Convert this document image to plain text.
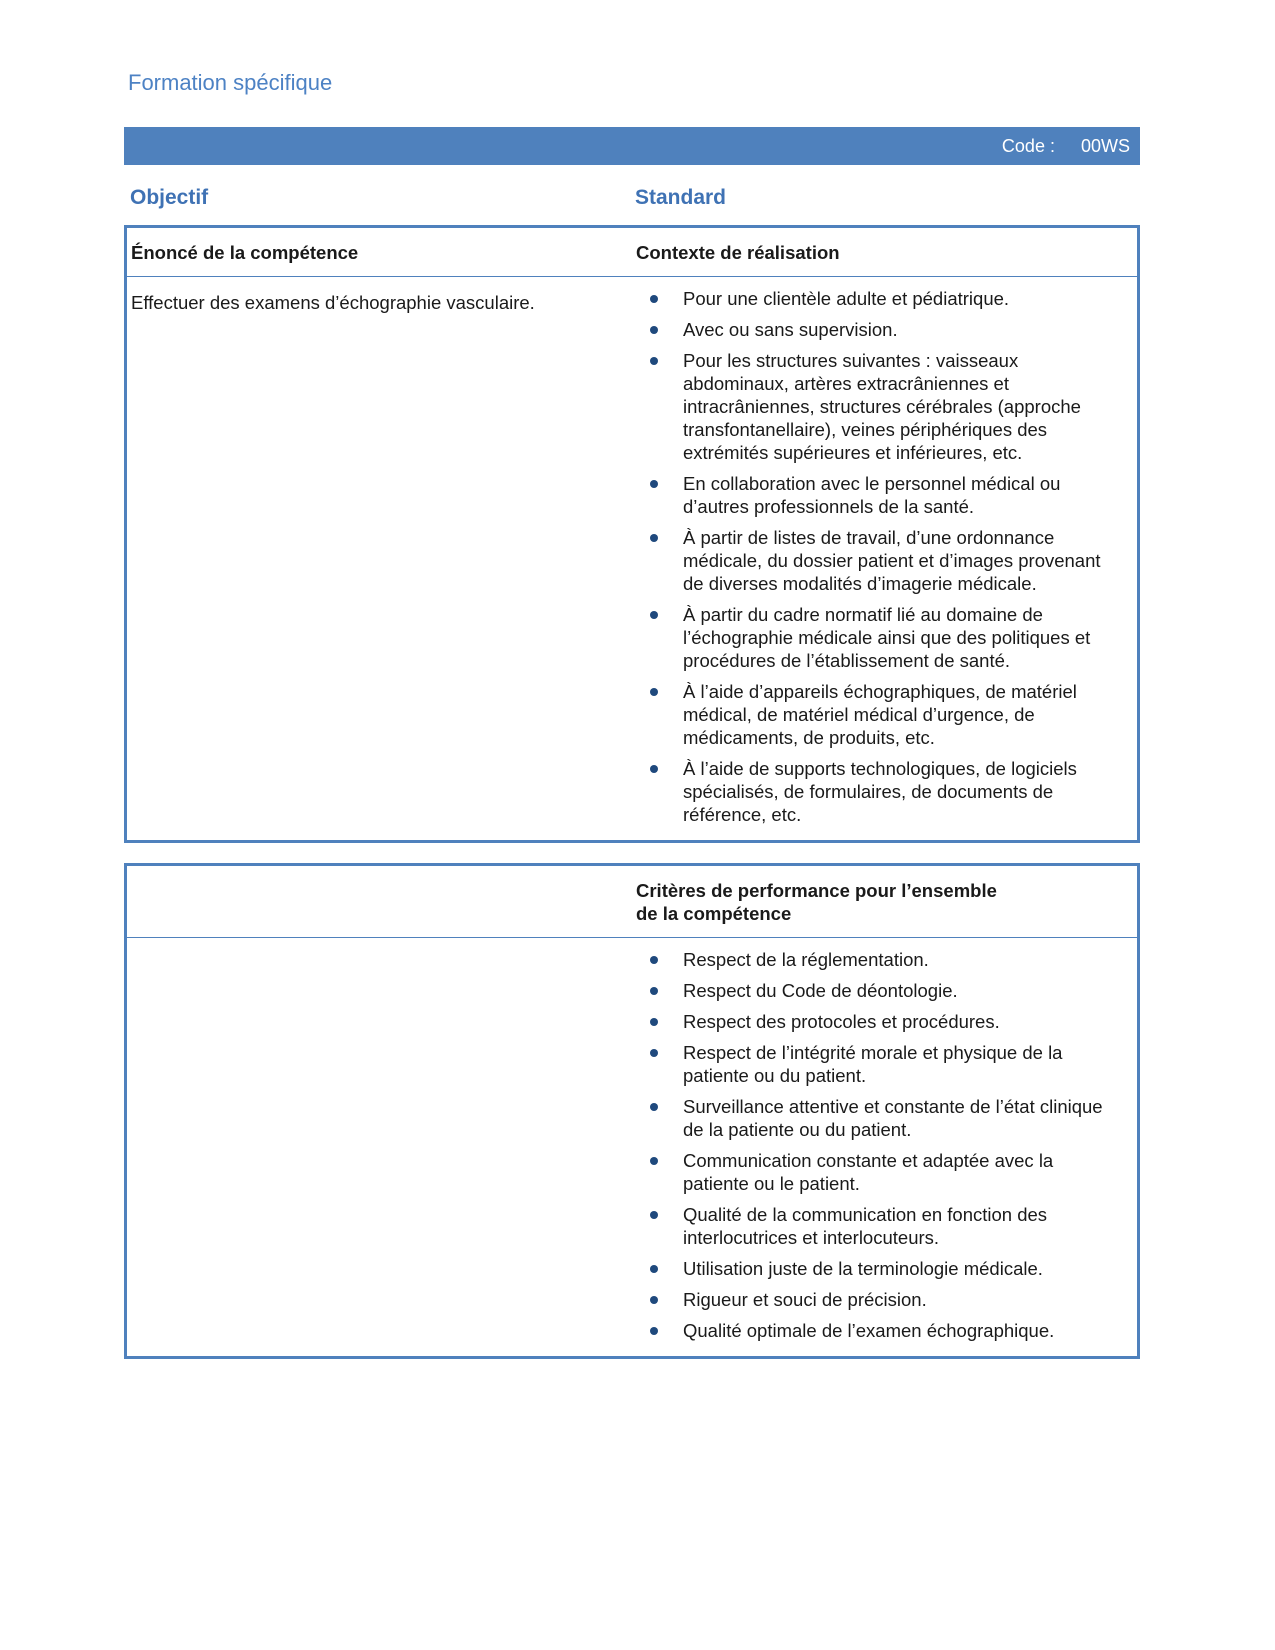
Formation spécifique
Code : 00WS
Objectif	Standard
Énoncé de la compétence	Contexte de réalisation
Effectuer des examens d’échographie vasculaire.	Pour une clientèle adulte et pédiatrique.
Avec ou sans supervision.
Pour les structures suivantes : vaisseaux abdominaux, artères extracrâniennes et intracrâniennes, structures cérébrales (approche transfontanellaire), veines périphériques des extrémités supérieures et inférieures, etc.
En collaboration avec le personnel médical ou d’autres professionnels de la santé.
À partir de listes de travail, d’une ordonnance médicale, du dossier patient et d’images provenant de diverses modalités d’imagerie médicale.
À partir du cadre normatif lié au domaine de l’échographie médicale ainsi que des politiques et procédures de l’établissement de santé.
À l’aide d’appareils échographiques, de matériel médical, de matériel médical d’urgence, de médicaments, de produits, etc.
À l’aide de supports technologiques, de logiciels spécialisés, de formulaires, de documents de référence, etc.
Critères de performance pour l’ensemble de la compétence
Respect de la réglementation.
Respect du Code de déontologie.
Respect des protocoles et procédures.
Respect de l’intégrité morale et physique de la patiente ou du patient.
Surveillance attentive et constante de l’état clinique de la patiente ou du patient.
Communication constante et adaptée avec la patiente ou le patient.
Qualité de la communication en fonction des interlocutrices et interlocuteurs.
Utilisation juste de la terminologie médicale.
Rigueur et souci de précision.
Qualité optimale de l’examen échographique.
